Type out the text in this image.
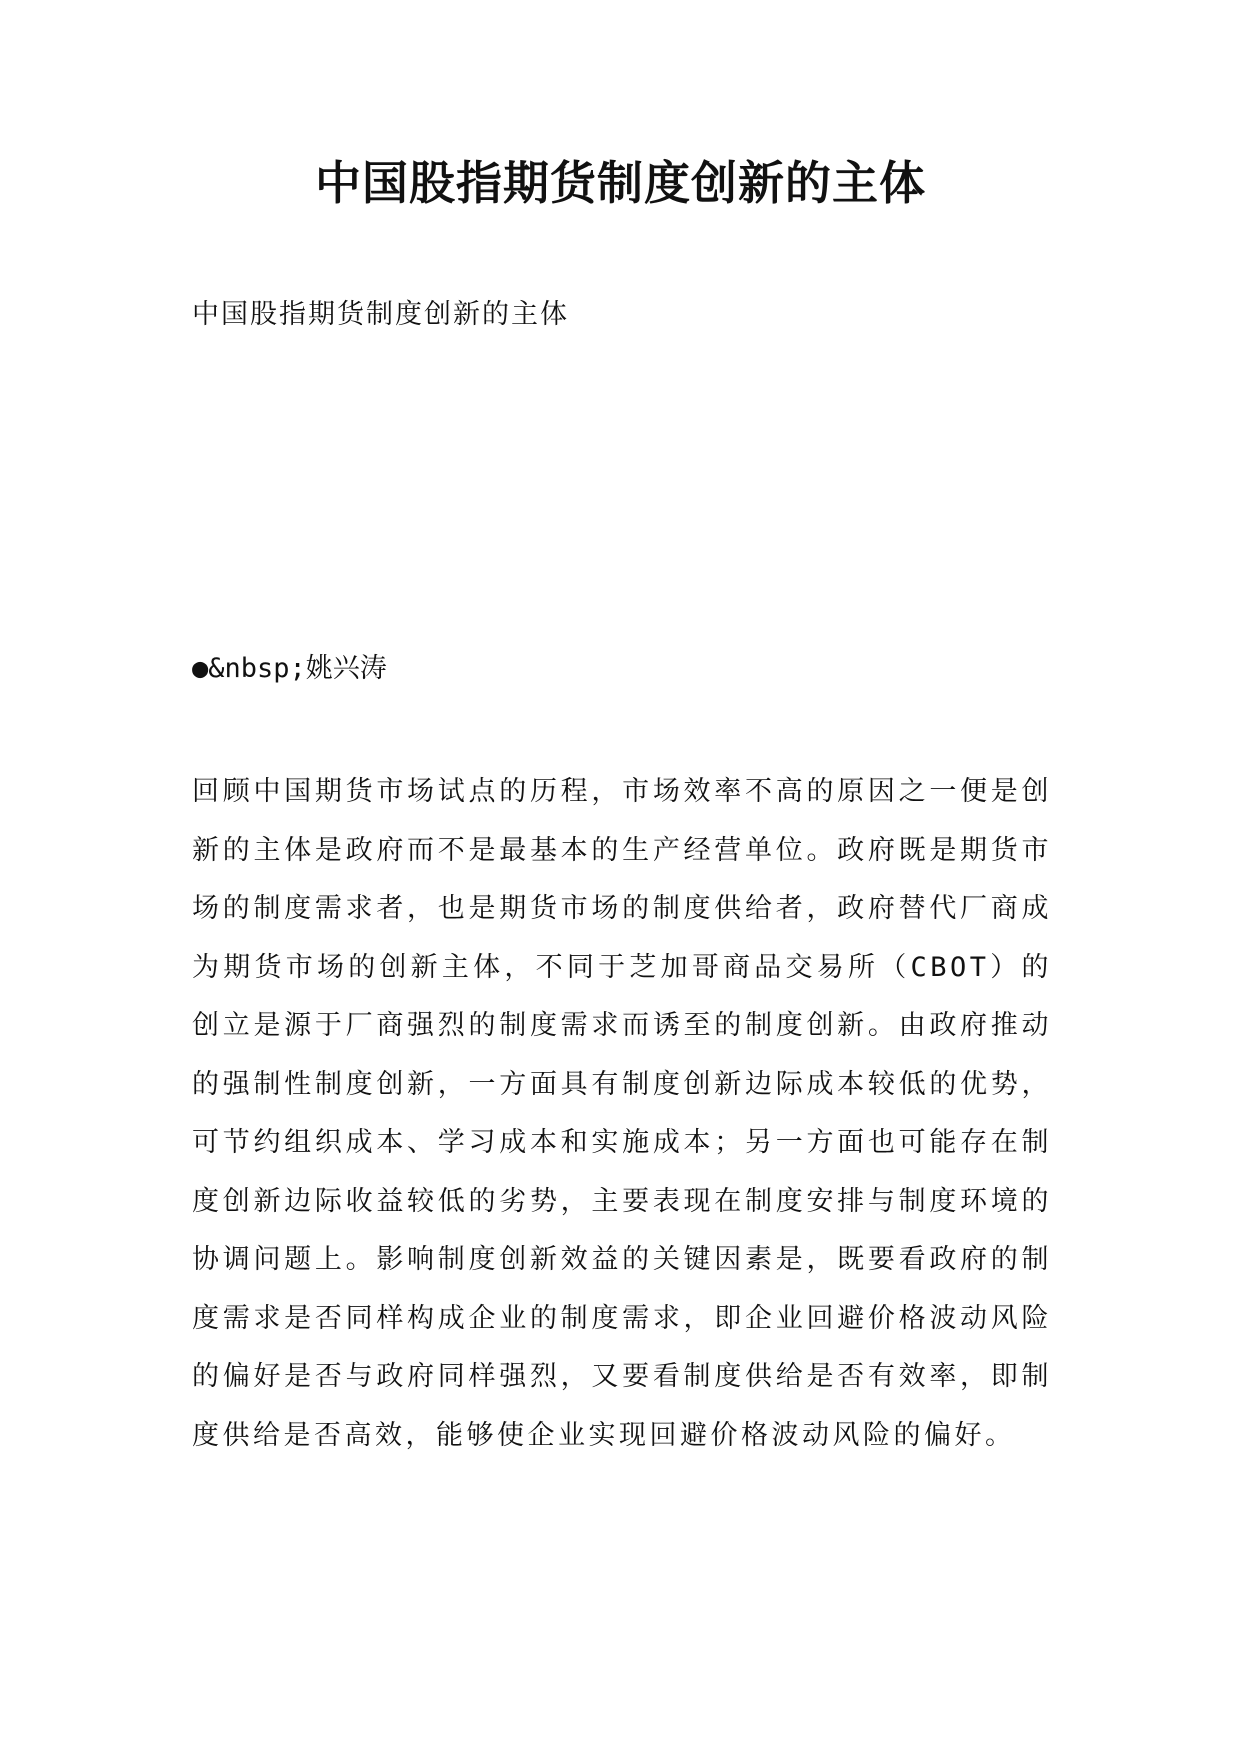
中国股指期货制度创新的主体

中国股指期货制度创新的主体

●&nbsp;姚兴涛

回顾中国期货市场试点的历程，市场效率不高的原因之一便是创新的主体是政府而不是最基本的生产经营单位。政府既是期货市场的制度需求者，也是期货市场的制度供给者，政府替代厂商成为期货市场的创新主体，不同于芝加哥商品交易所（CBOT）的创立是源于厂商强烈的制度需求而诱至的制度创新。由政府推动的强制性制度创新，一方面具有制度创新边际成本较低的优势，可节约组织成本、学习成本和实施成本；另一方面也可能存在制度创新边际收益较低的劣势，主要表现在制度安排与制度环境的协调问题上。影响制度创新效益的关键因素是，既要看政府的制度需求是否同样构成企业的制度需求，即企业回避价格波动风险的偏好是否与政府同样强烈，又要看制度供给是否有效率，即制度供给是否高效，能够使企业实现回避价格波动风险的偏好。
